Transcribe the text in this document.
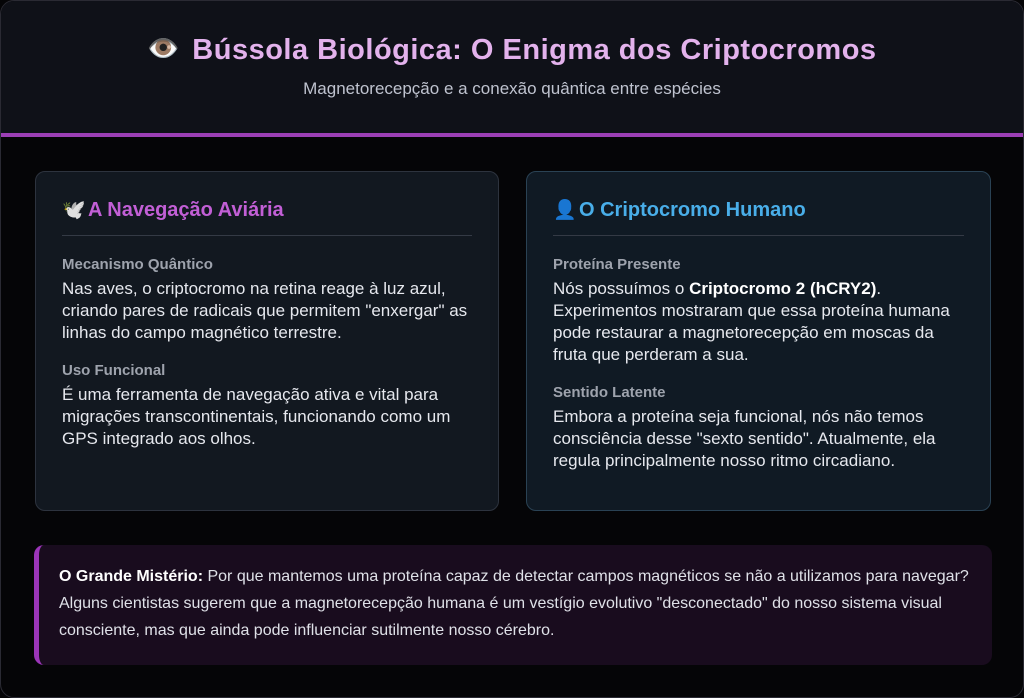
👁️ Bússola Biológica: O Enigma dos Criptocromos
Magnetorecepção e a conexão quântica entre espécies
🕊️ A Navegação Aviária
Mecanismo Quântico
Nas aves, o criptocromo na retina reage à luz azul, criando pares de radicais que permitem "enxergar" as linhas do campo magnético terrestre.
Uso Funcional
É uma ferramenta de navegação ativa e vital para migrações transcontinentais, funcionando como um GPS integrado aos olhos.
👤 O Criptocromo Humano
Proteína Presente
Nós possuímos o Criptocromo 2 (hCRY2). Experimentos mostraram que essa proteína humana pode restaurar a magnetorecepção em moscas da fruta que perderam a sua.
Sentido Latente
Embora a proteína seja funcional, nós não temos consciência desse "sexto sentido". Atualmente, ela regula principalmente nosso ritmo circadiano.
O Grande Mistério: Por que mantemos uma proteína capaz de detectar campos magnéticos se não a utilizamos para navegar? Alguns cientistas sugerem que a magnetorecepção humana é um vestígio evolutivo "desconectado" do nosso sistema visual consciente, mas que ainda pode influenciar sutilmente nosso cérebro.
